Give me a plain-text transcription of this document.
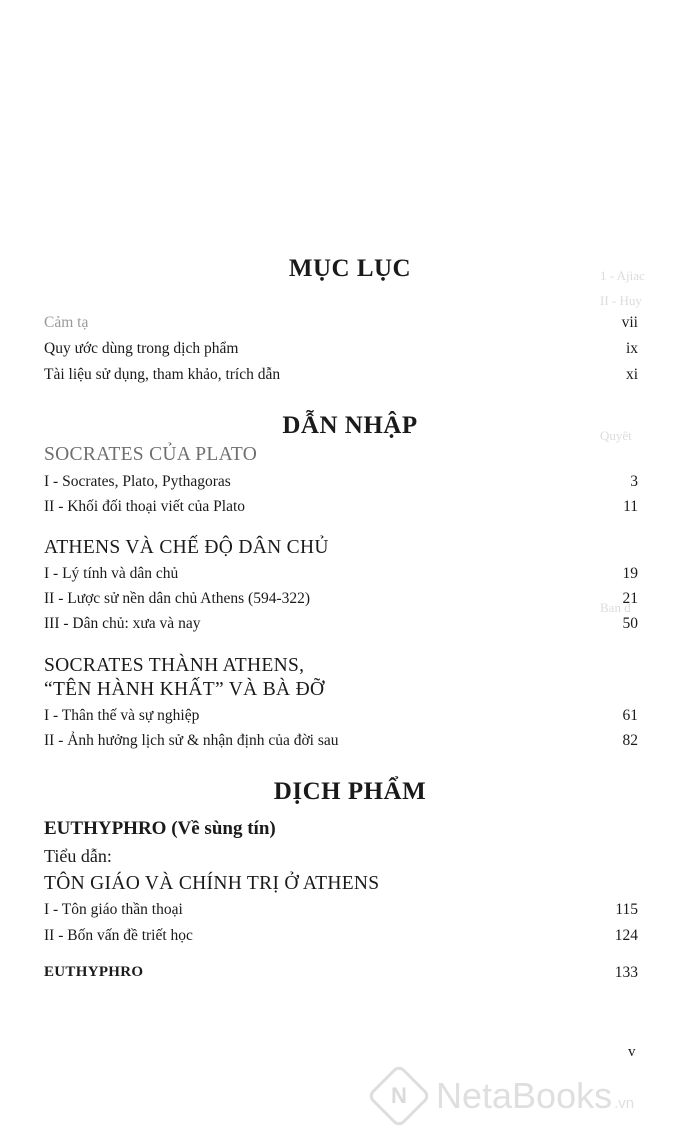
1 - Ajiac
II - Huy
Quyêt
Ban đ
MỤC LỤC
Cảm tạ	vii
Quy ước dùng trong dịch phẩm	ix
Tài liệu sử dụng, tham khảo, trích dẫn	xi
DẪN NHẬP
SOCRATES CỦA PLATO
I - Socrates, Plato, Pythagoras	3
II - Khối đối thoại viết của Plato	11
ATHENS VÀ CHẾ ĐỘ DÂN CHỦ
I - Lý tính và dân chủ	19
II - Lược sử nền dân chủ Athens (594-322)	21
III - Dân chủ: xưa và nay	50
SOCRATES THÀNH ATHENS,
“TÊN HÀNH KHẤT” VÀ BÀ ĐỠ
I - Thân thế và sự nghiệp	61
II - Ảnh hưởng lịch sử & nhận định của đời sau	82
DỊCH PHẨM
EUTHYPHRO (Về sùng tín)
Tiểu dẫn:
TÔN GIÁO VÀ CHÍNH TRỊ Ở ATHENS
I - Tôn giáo thần thoại	115
II - Bốn vấn đề triết học	124
EUTHYPHRO	133
v
N NetaBooks .vn
